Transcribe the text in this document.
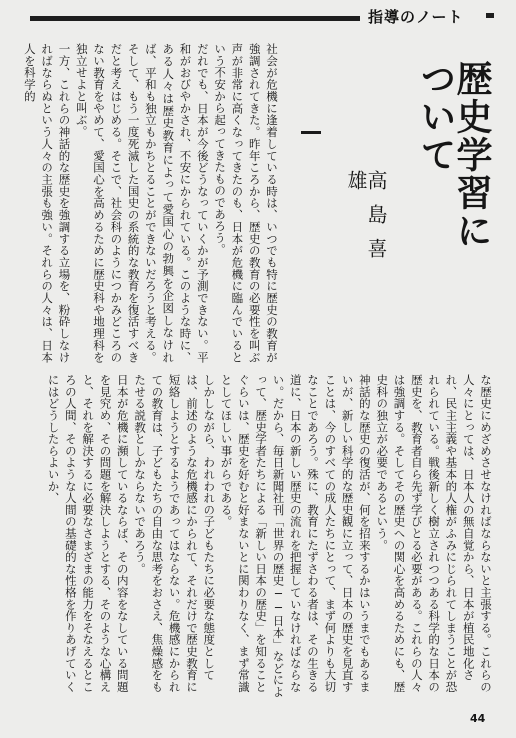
指導のノート
歴史学習について
高島喜雄

社会が危機に逢着している時は、いつでも特に歴史の教育が強調されてきた。昨年ころから、歴史の教育の必要性を叫ぶ声が非常に高くなってきたのも、日本が危機に臨んでいるという不安から起ってきたものであろう。

だれでも、日本が今後どうなっていくかが予測できない。平和がおびやかされ、不安にかられている。このような時に、ある人々は歴史教育によって愛国心の勃興を企図しなければ、平和も独立もかちとることができないだろうと考える。そして、もう一度死滅した国史の系統的な教育を復活すべきだと考えはじめる。そこで、社会科のようにつかみどころのない教育をやめて、愛国心を高めるために歴史科や地理科を独立せよと叫ぶ。

一方、これらの神話的な歴史を強調する立場を、粉砕しなければならぬという人々の主張も強い。それらの人々は、日本人を科学的

な歴史にめざめさせなければならないと主張する。これらの人々にとっては、日本人の無自覚から、日本が植民地化され、民主主義や基本的人権がふみにじられてしまうことが恐れられている。戦後新しく樹立されつつある科学的な日本の歴史を、教育者自ら先ず学びとる必要がある。これらの人々は強調する。そしてその歴史への関心を高めるためにも、歴史科の独立が必要であるという。

神話的な歴史の復活が、何を招来するかはいうまでもあるまいが、新しい科学的な歴史観に立って、日本の歴史を見直すことは、今のすべての成人たちにとって、まず何よりも大切なことであろう。殊に、教育にたずさわる者は、その生きる道に、日本の新しい歴史の流れを把握していなければならない。だから、毎日新聞社刊「世界の歴史──日本」などによって、歴史学者たちによる「新しい日本の歴史」を知ることぐらいは、歴史を好むと好まないとに関わりなく、まず常識としてほしい事がらである。

しかしながら、われわれの子どもたちに必要な態度としては、前述のような危機感にかられて、それだけで歴史教育に短絡しようとするようであってはならない。危機感にかられての教育は、子どもたちの自由な思考をおさえ、焦燥感をもたせる説教としかならないであろう。

日本が危機に瀕しているならば、その内容をなしている問題を見究め、その問題を解決しようとする、そのような心構えと、それを解決するに必要なさまざまの能力をそなえるところの人間、そのような人間の基礎的な性格を作りあげていくにはどうしたらよいか、

44
